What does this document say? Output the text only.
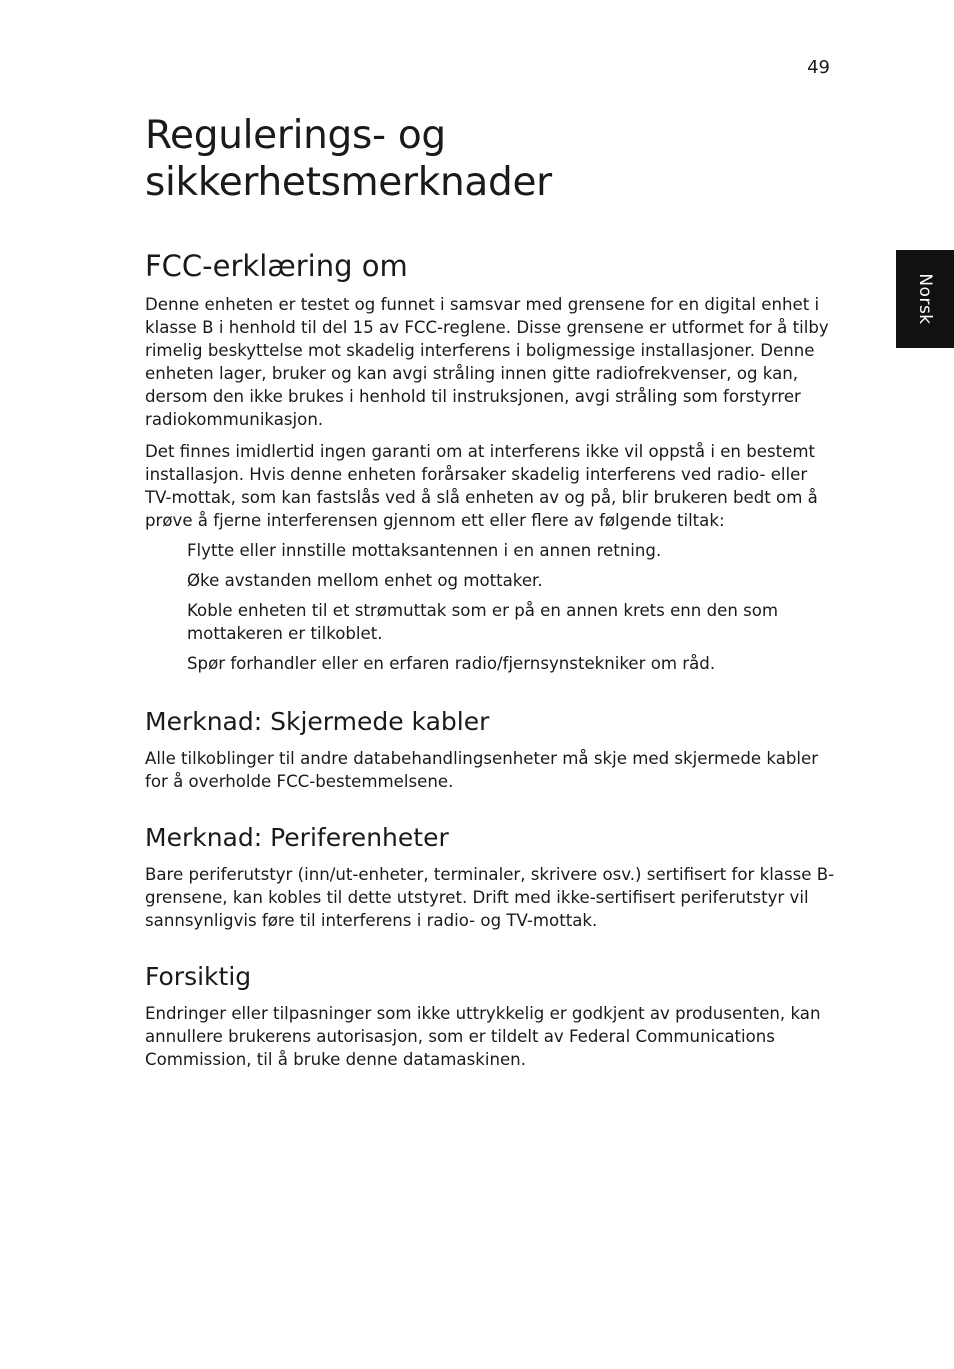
49
Norsk
Regulerings- og sikkerhetsmerknader
FCC-erklæring om

Denne enheten er testet og funnet i samsvar med grensene for en digital enhet i klasse B i henhold til del 15 av FCC-reglene. Disse grensene er utformet for å tilby rimelig beskyttelse mot skadelig interferens i boligmessige installasjoner. Denne enheten lager, bruker og kan avgi stråling innen gitte radiofrekvenser, og kan, dersom den ikke brukes i henhold til instruksjonen, avgi stråling som forstyrrer radiokommunikasjon.

Det finnes imidlertid ingen garanti om at interferens ikke vil oppstå i en bestemt installasjon. Hvis denne enheten forårsaker skadelig interferens ved radio- eller TV-mottak, som kan fastslås ved å slå enheten av og på, blir brukeren bedt om å prøve å fjerne interferensen gjennom ett eller flere av følgende tiltak:

Flytte eller innstille mottaksantennen i en annen retning.
Øke avstanden mellom enhet og mottaker.
Koble enheten til et strømuttak som er på en annen krets enn den som mottakeren er tilkoblet.
Spør forhandler eller en erfaren radio/fjernsynstekniker om råd.
Merknad: Skjermede kabler

Alle tilkoblinger til andre databehandlingsenheter må skje med skjermede kabler for å overholde FCC-bestemmelsene.

Merknad: Periferenheter

Bare periferutstyr (inn/ut-enheter, terminaler, skrivere osv.) sertifisert for klasse B-grensene, kan kobles til dette utstyret. Drift med ikke-sertifisert periferutstyr vil sannsynligvis føre til interferens i radio- og TV-mottak.

Forsiktig

Endringer eller tilpasninger som ikke uttrykkelig er godkjent av produsenten, kan annullere brukerens autorisasjon, som er tildelt av Federal Communications Commission, til å bruke denne datamaskinen.
